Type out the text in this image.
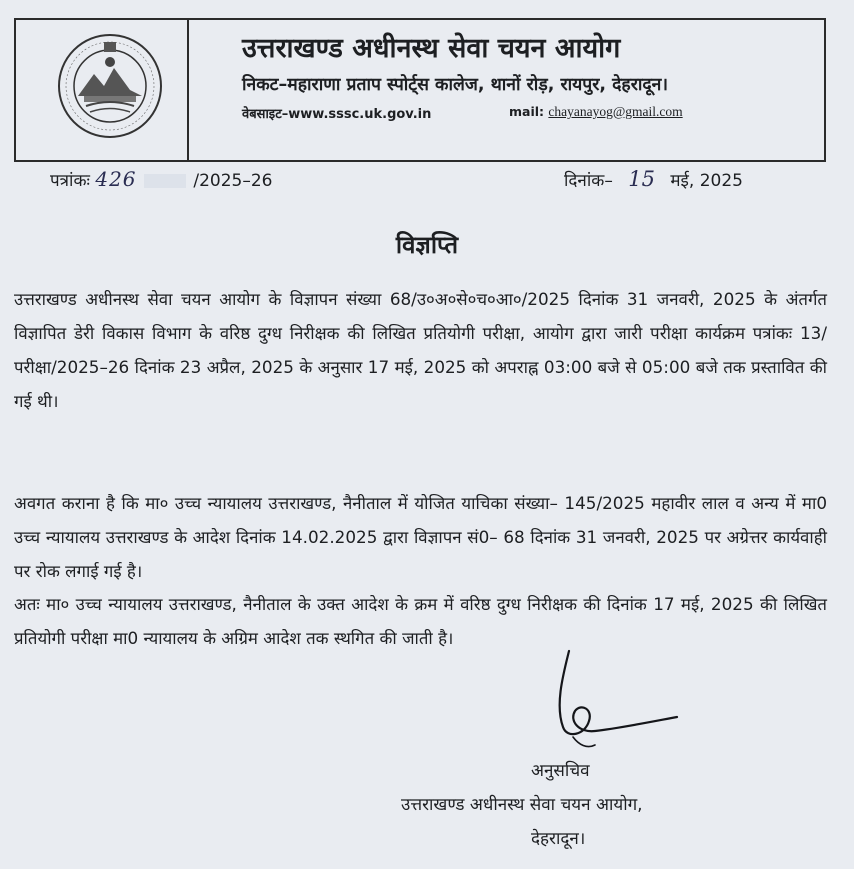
उत्तराखण्ड अधीनस्थ सेवा चयन आयोग
निकट–महाराणा प्रताप स्पोर्ट्स कालेज, थानों रोड़, रायपुर, देहरादून।
वेबसाइट–www.sssc.uk.gov.in	mail: chayanayog@gmail.com
पत्रांकः 426	/2025–26	दिनांक– 15 मई, 2025
विज्ञप्ति

उत्तराखण्ड अधीनस्थ सेवा चयन आयोग के विज्ञापन संख्या 68/उ०अ०से०च०आ०/2025 दिनांक 31 जनवरी, 2025 के अंतर्गत विज्ञापित डेरी विकास विभाग के वरिष्ठ दुग्ध निरीक्षक की लिखित प्रतियोगी परीक्षा, आयोग द्वारा जारी परीक्षा कार्यक्रम पत्रांकः 13/परीक्षा/2025–26 दिनांक 23 अप्रैल, 2025 के अनुसार 17 मई, 2025 को अपराह्न 03:00 बजे से 05:00 बजे तक प्रस्तावित की गई थी।

अवगत कराना है कि मा० उच्च न्यायालय उत्तराखण्ड, नैनीताल में योजित याचिका संख्या– 145/2025 महावीर लाल व अन्य में मा0 उच्च न्यायालय उत्तराखण्ड के आदेश दिनांक 14.02.2025 द्वारा विज्ञापन सं0– 68 दिनांक 31 जनवरी, 2025 पर अग्रेत्तर कार्यवाही पर रोक लगाई गई है।

अतः मा० उच्च न्यायालय उत्तराखण्ड, नैनीताल के उक्त आदेश के क्रम में वरिष्ठ दुग्ध निरीक्षक की दिनांक 17 मई, 2025 की लिखित प्रतियोगी परीक्षा मा0 न्यायालय के अग्रिम आदेश तक स्थगित की जाती है।

अनुसचिव
उत्तराखण्ड अधीनस्थ सेवा चयन आयोग,
देहरादून।
